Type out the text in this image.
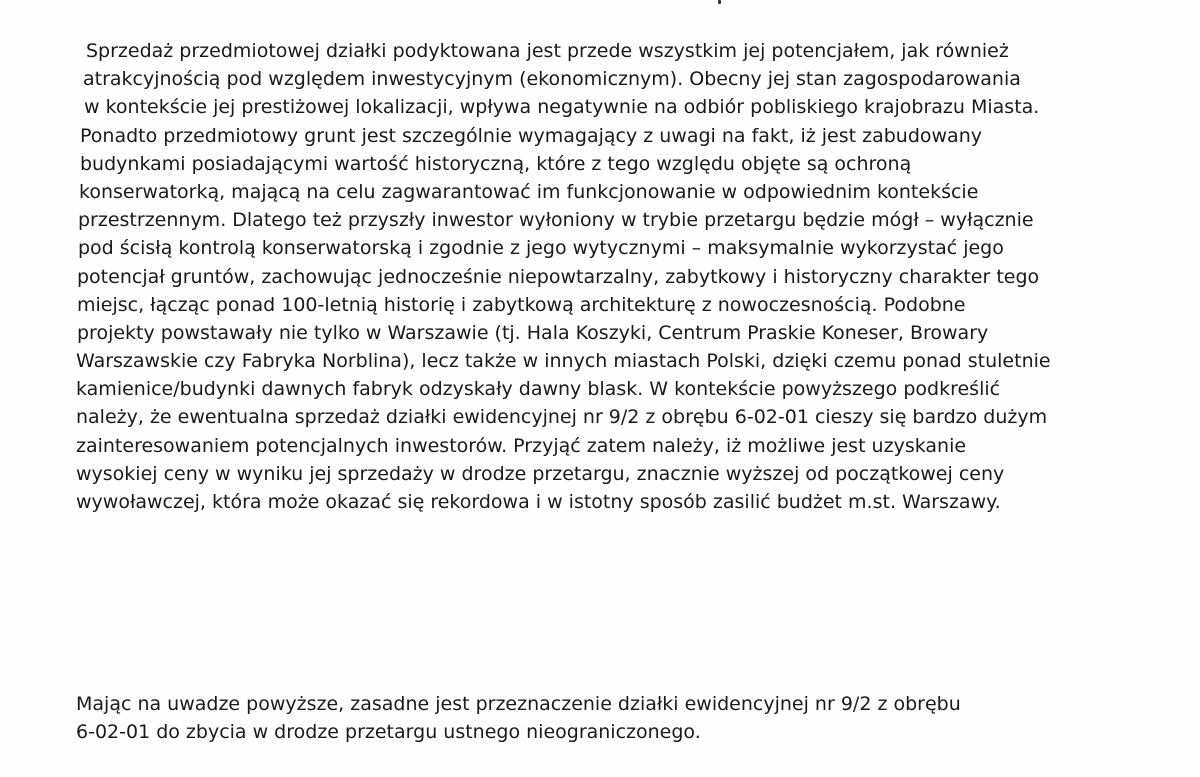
Sprzedaż przedmiotowej działki podyktowana jest przede wszystkim jej potencjałem, jak również
atrakcyjnością pod względem inwestycyjnym (ekonomicznym). Obecny jej stan zagospodarowania
w kontekście jej prestiżowej lokalizacji, wpływa negatywnie na odbiór pobliskiego krajobrazu Miasta.
Ponadto przedmiotowy grunt jest szczególnie wymagający z uwagi na fakt, iż jest zabudowany
budynkami posiadającymi wartość historyczną, które z tego względu objęte są ochroną
konserwatorką, mającą na celu zagwarantować im funkcjonowanie w odpowiednim kontekście
przestrzennym. Dlatego też przyszły inwestor wyłoniony w trybie przetargu będzie mógł – wyłącznie
pod ścisłą kontrolą konserwatorską i zgodnie z jego wytycznymi – maksymalnie wykorzystać jego
potencjał gruntów, zachowując jednocześnie niepowtarzalny, zabytkowy i historyczny charakter tego
miejsc, łącząc ponad 100-letnią historię i zabytkową architekturę z nowoczesnością. Podobne
projekty powstawały nie tylko w Warszawie (tj. Hala Koszyki, Centrum Praskie Koneser, Browary
Warszawskie czy Fabryka Norblina), lecz także w innych miastach Polski, dzięki czemu ponad stuletnie
kamienice/budynki dawnych fabryk odzyskały dawny blask. W kontekście powyższego podkreślić
należy, że ewentualna sprzedaż działki ewidencyjnej nr 9/2 z obrębu 6-02-01 cieszy się bardzo dużym
zainteresowaniem potencjalnych inwestorów. Przyjąć zatem należy, iż możliwe jest uzyskanie
wysokiej ceny w wyniku jej sprzedaży w drodze przetargu, znacznie wyższej od początkowej ceny
wywoławczej, która może okazać się rekordowa i w istotny sposób zasilić budżet m.st. Warszawy.

Mając na uwadze powyższe, zasadne jest przeznaczenie działki ewidencyjnej nr 9/2 z obrębu
6-02-01 do zbycia w drodze przetargu ustnego nieograniczonego.
